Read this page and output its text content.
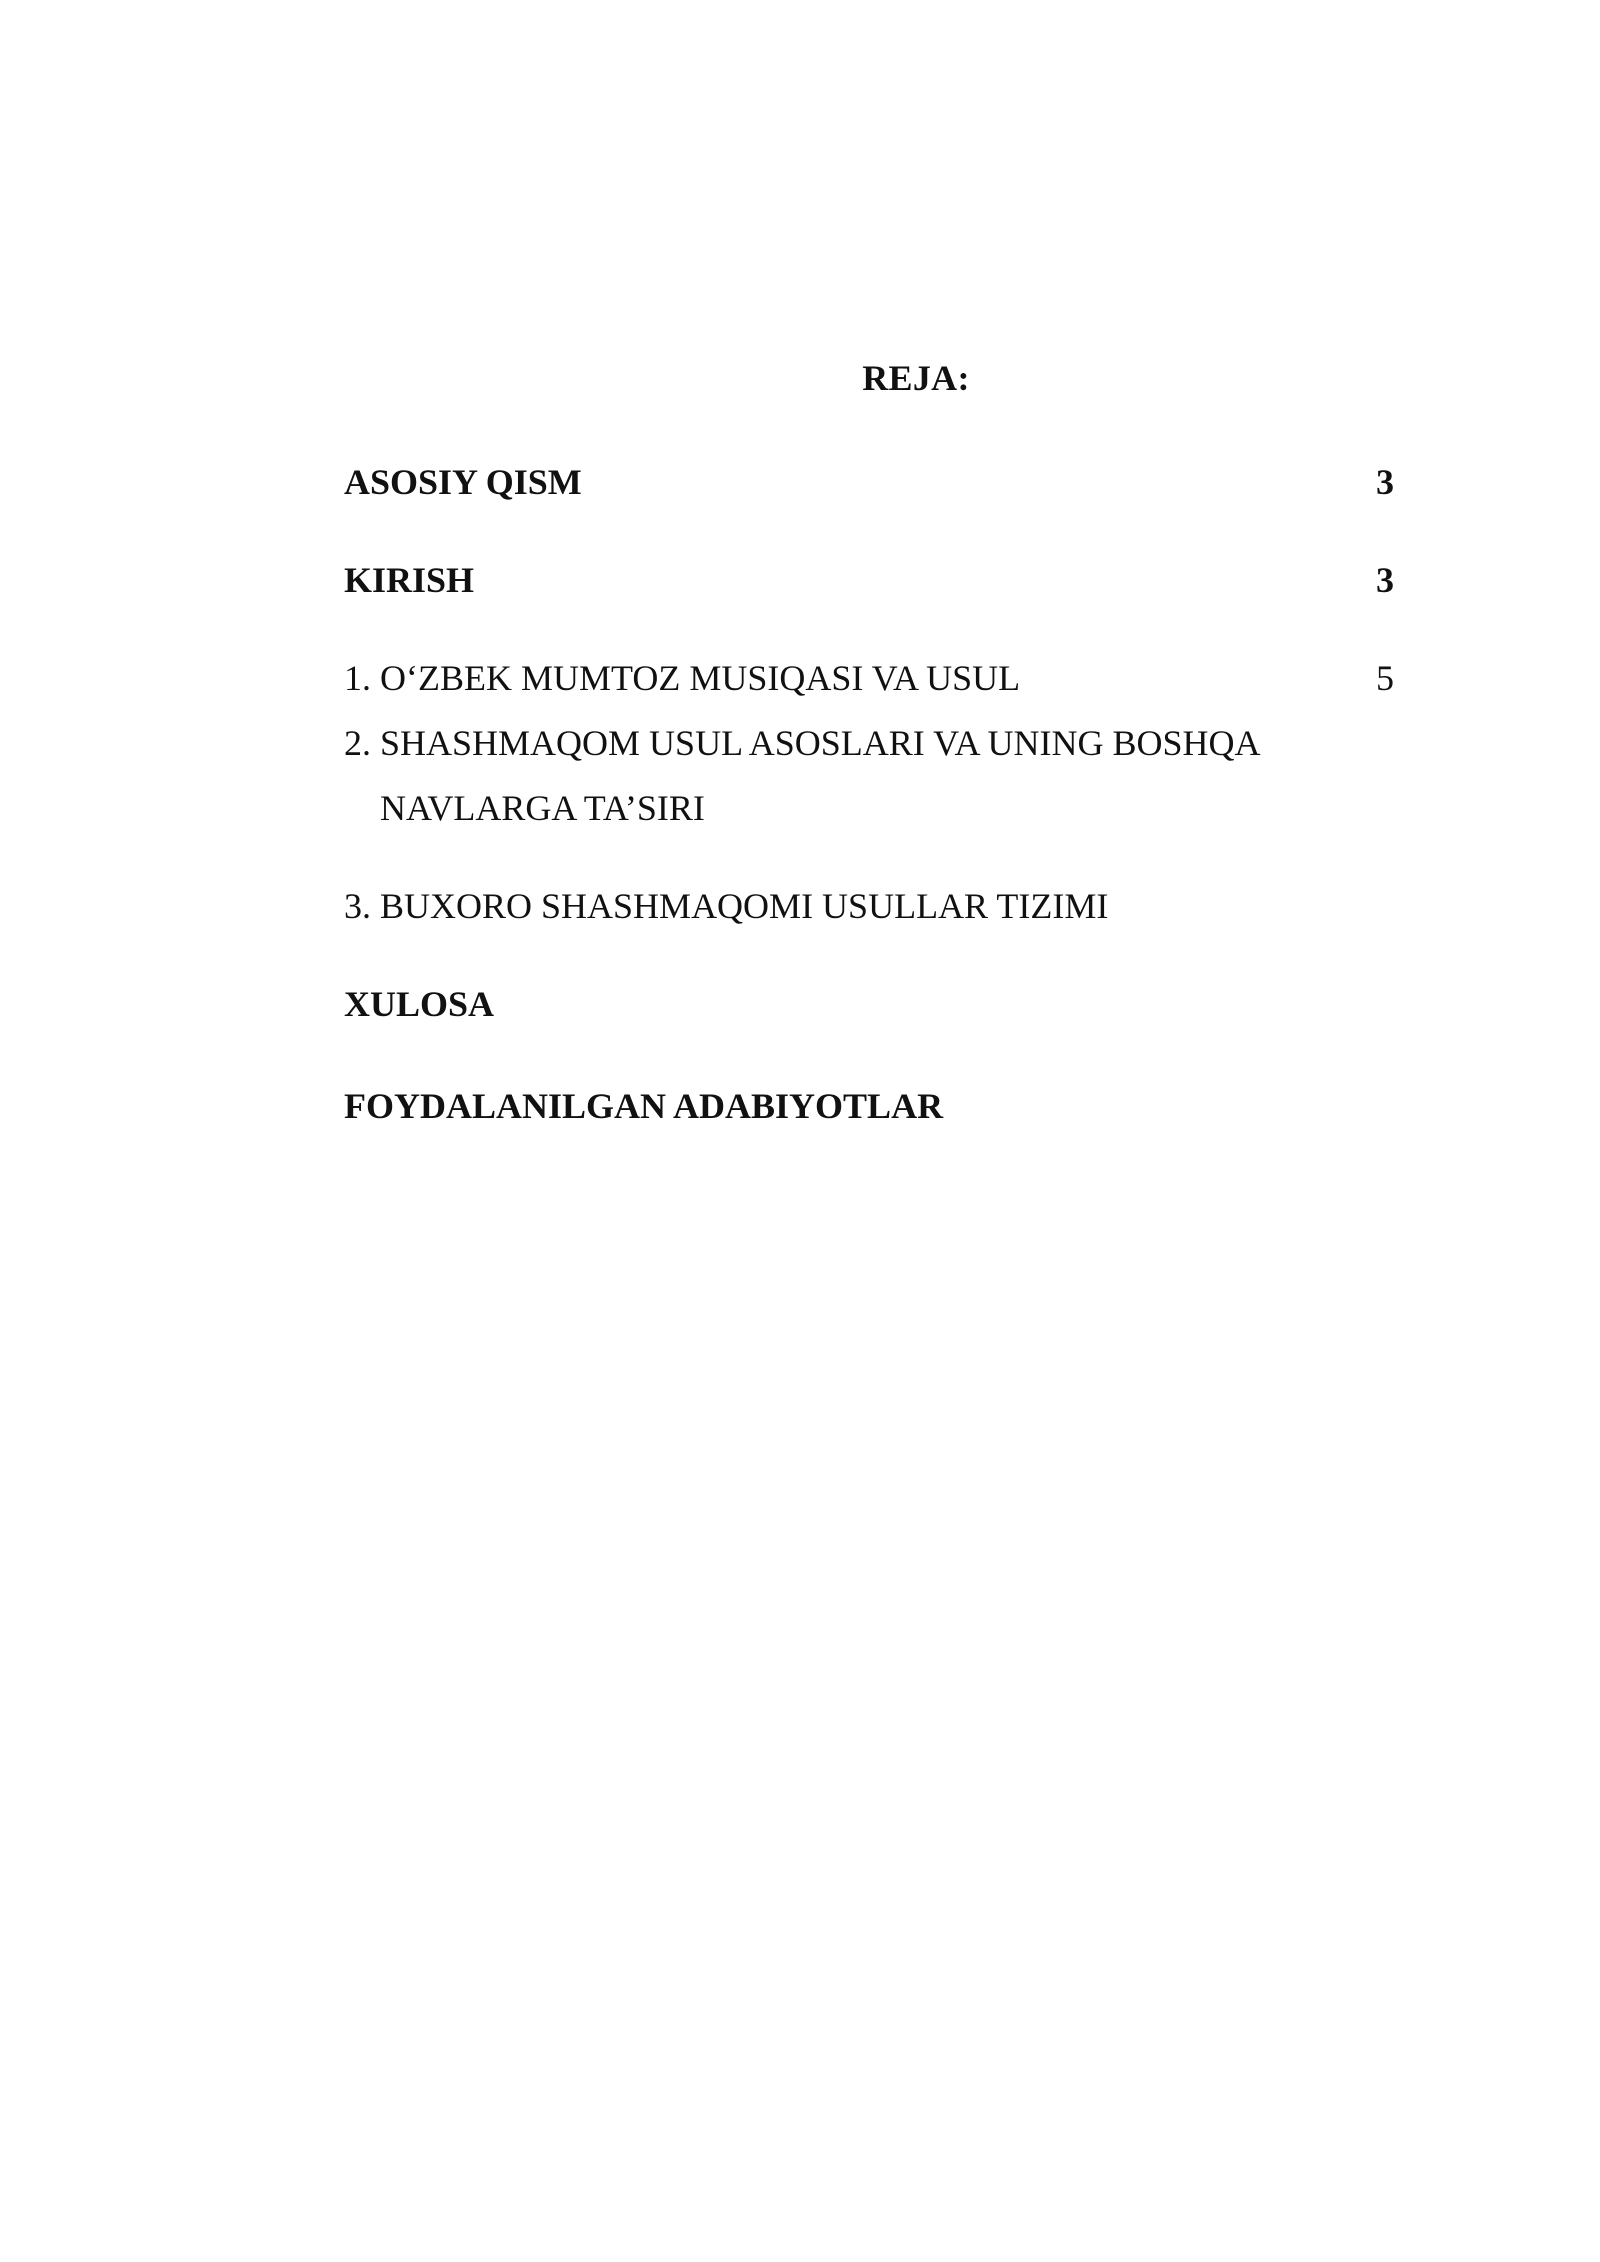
REJA:
ASOSIY QISM	3
KIRISH	3
1. O‘ZBEK MUMTOZ MUSIQASI VA USUL	5
2. SHASHMAQOM USUL ASOSLARI VA UNING BOSHQA
NAVLARGA TA’SIRI
3. BUXORO SHASHMAQOMI USULLAR TIZIMI
XULOSA
FOYDALANILGAN ADABIYOTLAR
